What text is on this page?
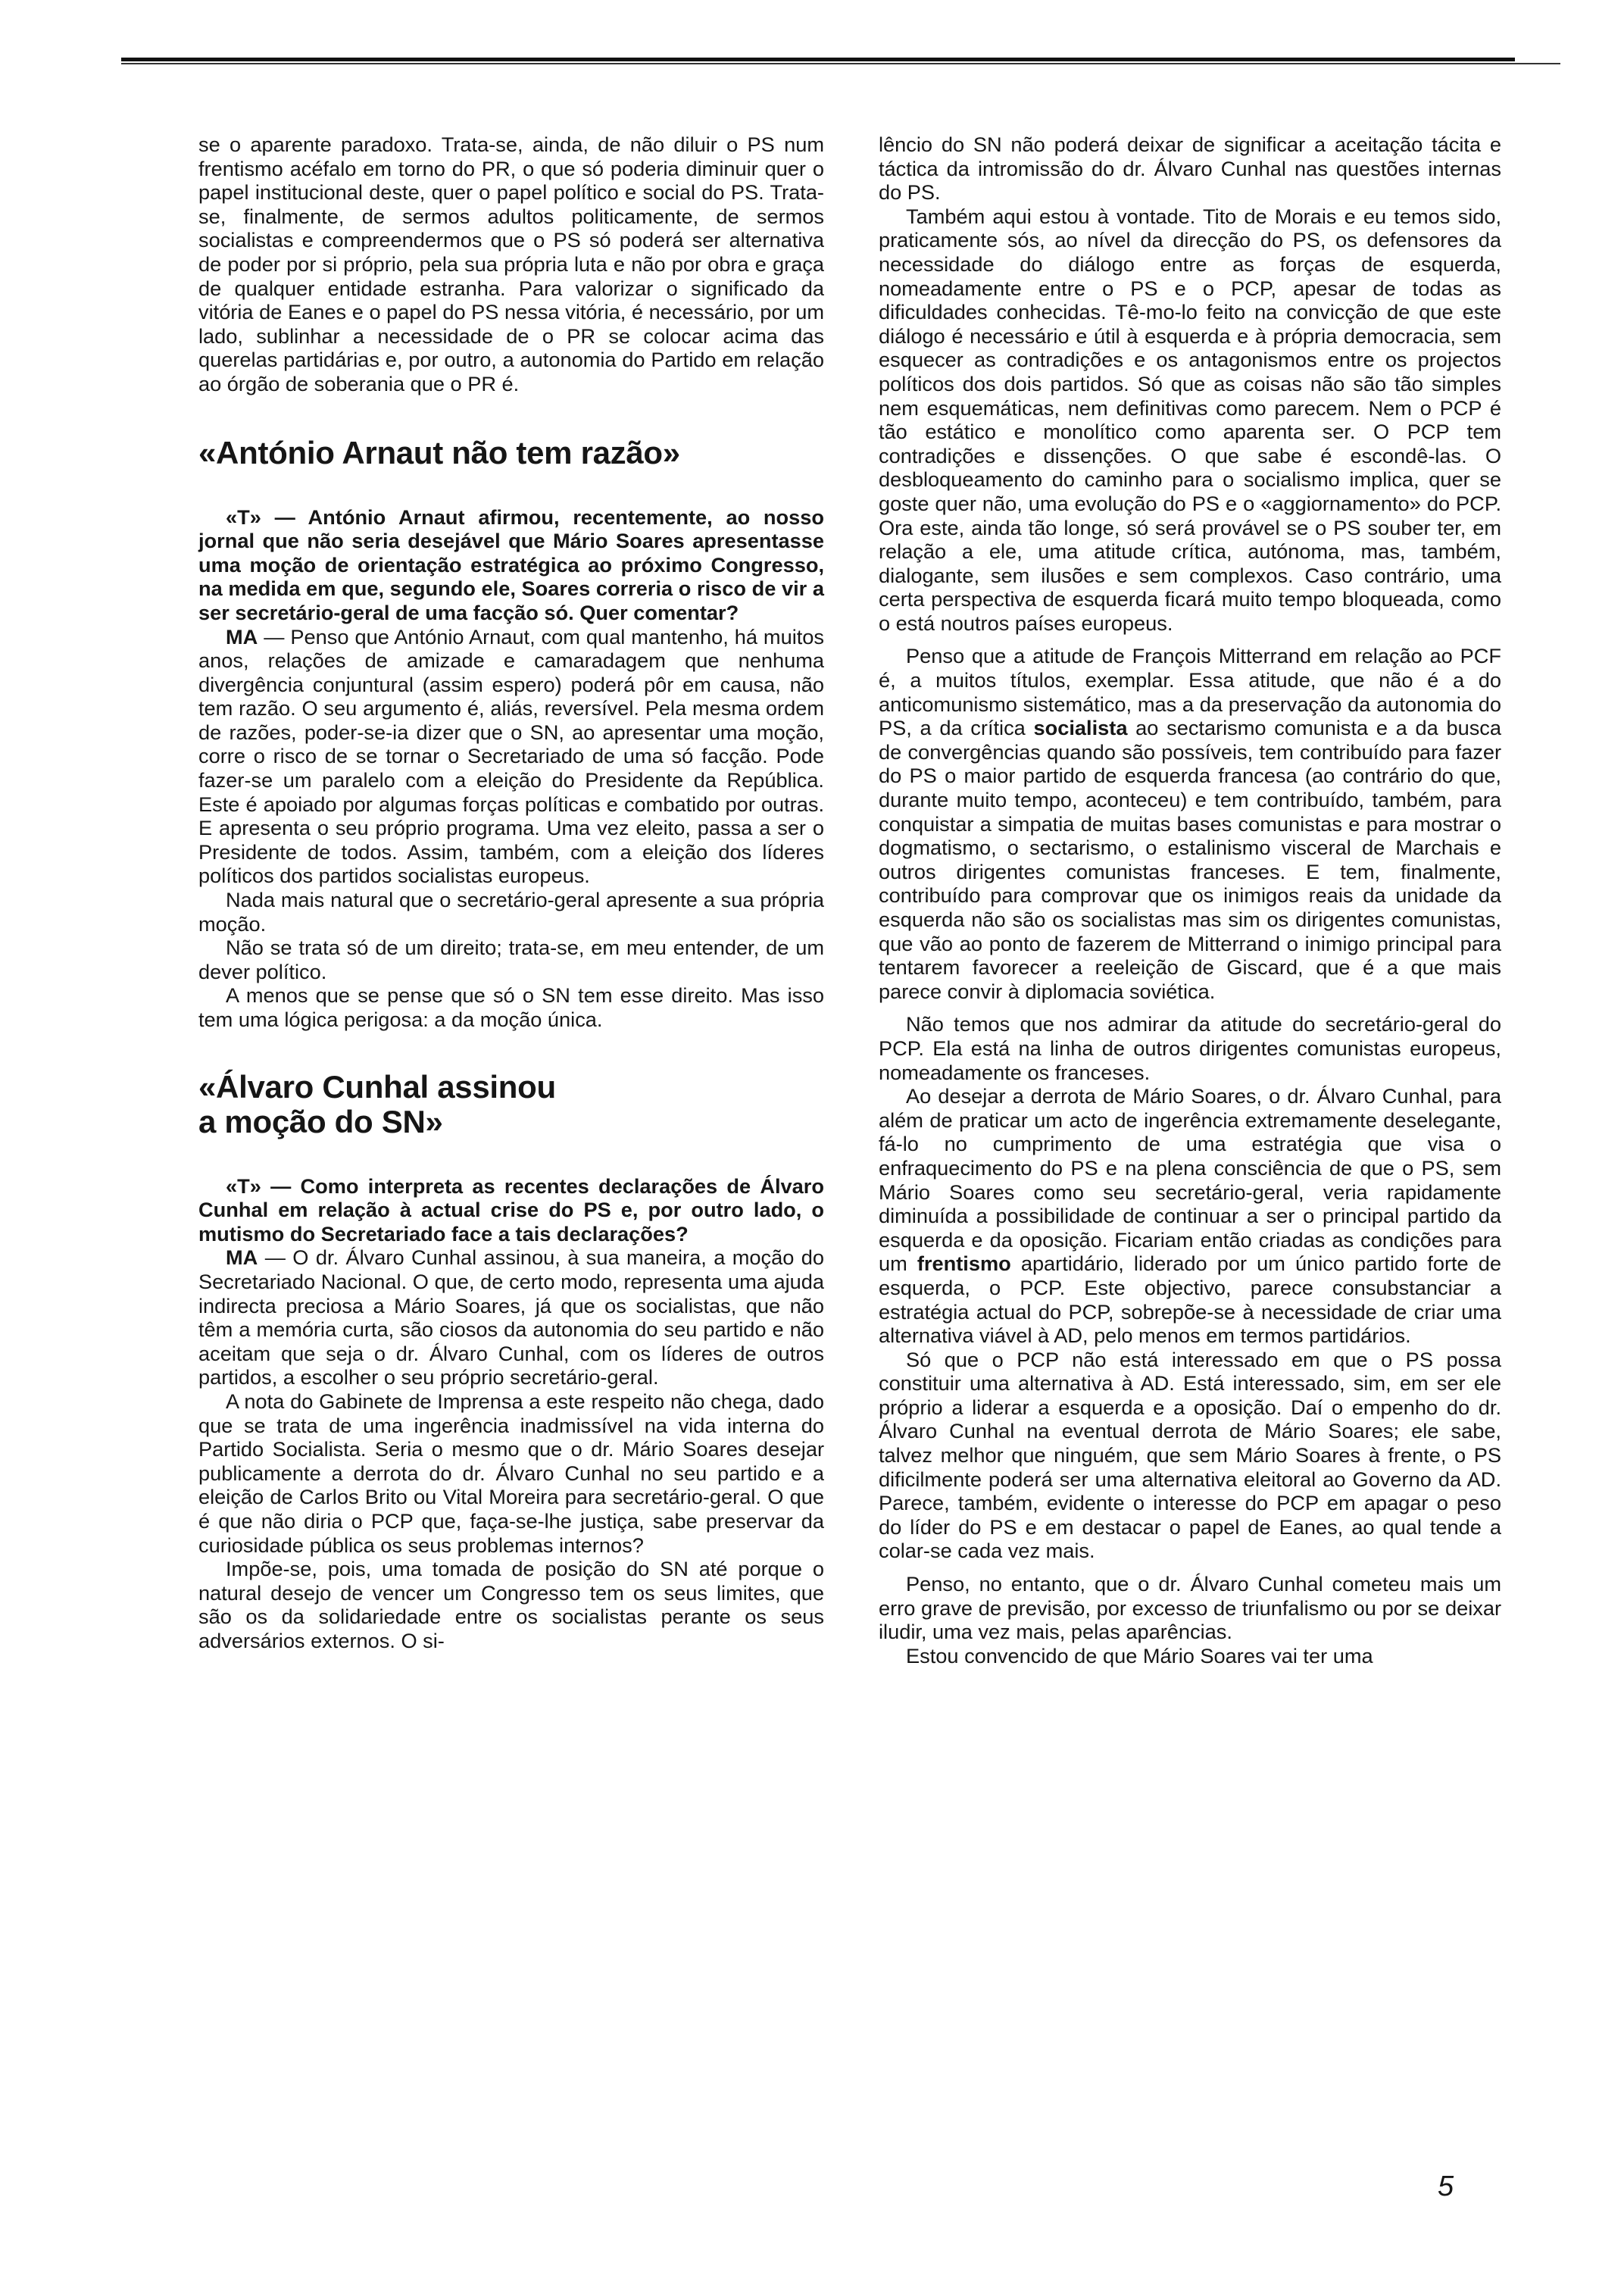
se o aparente paradoxo. Trata-se, ainda, de não diluir o PS num frentismo acéfalo em torno do PR, o que só poderia diminuir quer o papel institucional deste, quer o papel político e social do PS. Trata-se, finalmente, de sermos adultos politicamente, de sermos socialistas e compreendermos que o PS só poderá ser alternativa de poder por si próprio, pela sua própria luta e não por obra e graça de qualquer entidade estranha. Para valorizar o significado da vitória de Eanes e o papel do PS nessa vitória, é necessário, por um lado, sublinhar a necessidade de o PR se colocar acima das querelas partidárias e, por outro, a autonomia do Partido em relação ao órgão de soberania que o PR é.

«António Arnaut não tem razão»

«T» — António Arnaut afirmou, recentemente, ao nosso jornal que não seria desejável que Mário Soares apresentasse uma moção de orientação estratégica ao próximo Congresso, na medida em que, segundo ele, Soares correria o risco de vir a ser secretário-geral de uma facção só. Quer comentar?

MA — Penso que António Arnaut, com qual mantenho, há muitos anos, relações de amizade e camaradagem que nenhuma divergência conjuntural (assim espero) poderá pôr em causa, não tem razão. O seu argumento é, aliás, reversível. Pela mesma ordem de razões, poder-se-ia dizer que o SN, ao apresentar uma moção, corre o risco de se tornar o Secretariado de uma só facção. Pode fazer-se um paralelo com a eleição do Presidente da República. Este é apoiado por algumas forças políticas e combatido por outras. E apresenta o seu próprio programa. Uma vez eleito, passa a ser o Presidente de todos. Assim, também, com a eleição dos líderes políticos dos partidos socialistas europeus.

Nada mais natural que o secretário-geral apresente a sua própria moção.

Não se trata só de um direito; trata-se, em meu entender, de um dever político.

A menos que se pense que só o SN tem esse direito. Mas isso tem uma lógica perigosa: a da moção única.

«Álvaro Cunhal assinou
a moção do SN»

«T» — Como interpreta as recentes declarações de Álvaro Cunhal em relação à actual crise do PS e, por outro lado, o mutismo do Secretariado face a tais declarações?

MA — O dr. Álvaro Cunhal assinou, à sua maneira, a moção do Secretariado Nacional. O que, de certo modo, representa uma ajuda indirecta preciosa a Mário Soares, já que os socialistas, que não têm a memória curta, são ciosos da autonomia do seu partido e não aceitam que seja o dr. Álvaro Cunhal, com os líderes de outros partidos, a escolher o seu próprio secretário-geral.

A nota do Gabinete de Imprensa a este respeito não chega, dado que se trata de uma ingerência inadmissível na vida interna do Partido Socialista. Seria o mesmo que o dr. Mário Soares desejar publicamente a derrota do dr. Álvaro Cunhal no seu partido e a eleição de Carlos Brito ou Vital Moreira para secretário-geral. O que é que não diria o PCP que, faça-se-lhe justiça, sabe preservar da curiosidade pública os seus problemas internos?

Impõe-se, pois, uma tomada de posição do SN até porque o natural desejo de vencer um Congresso tem os seus limites, que são os da solidariedade entre os socialistas perante os seus adversários externos. O si-

lêncio do SN não poderá deixar de significar a aceitação tácita e táctica da intromissão do dr. Álvaro Cunhal nas questões internas do PS.

Também aqui estou à vontade. Tito de Morais e eu temos sido, praticamente sós, ao nível da direcção do PS, os defensores da necessidade do diálogo entre as forças de esquerda, nomeadamente entre o PS e o PCP, apesar de todas as dificuldades conhecidas. Tê-mo-lo feito na convicção de que este diálogo é necessário e útil à esquerda e à própria democracia, sem esquecer as contradições e os antagonismos entre os projectos políticos dos dois partidos. Só que as coisas não são tão simples nem esquemáticas, nem definitivas como parecem. Nem o PCP é tão estático e monolítico como aparenta ser. O PCP tem contradições e dissenções. O que sabe é escondê-las. O desbloqueamento do caminho para o socialismo implica, quer se goste quer não, uma evolução do PS e o «aggiornamento» do PCP. Ora este, ainda tão longe, só será provável se o PS souber ter, em relação a ele, uma atitude crítica, autónoma, mas, também, dialogante, sem ilusões e sem complexos. Caso contrário, uma certa perspectiva de esquerda ficará muito tempo bloqueada, como o está noutros países europeus.

Penso que a atitude de François Mitterrand em relação ao PCF é, a muitos títulos, exemplar. Essa atitude, que não é a do anticomunismo sistemático, mas a da preservação da autonomia do PS, a da crítica socialista ao sectarismo comunista e a da busca de convergências quando são possíveis, tem contribuído para fazer do PS o maior partido de esquerda francesa (ao contrário do que, durante muito tempo, aconteceu) e tem contribuído, também, para conquistar a simpatia de muitas bases comunistas e para mostrar o dogmatismo, o sectarismo, o estalinismo visceral de Marchais e outros dirigentes comunistas franceses. E tem, finalmente, contribuído para comprovar que os inimigos reais da unidade da esquerda não são os socialistas mas sim os dirigentes comunistas, que vão ao ponto de fazerem de Mitterrand o inimigo principal para tentarem favorecer a reeleição de Giscard, que é a que mais parece convir à diplomacia soviética.

Não temos que nos admirar da atitude do secretário-geral do PCP. Ela está na linha de outros dirigentes comunistas europeus, nomeadamente os franceses.

Ao desejar a derrota de Mário Soares, o dr. Álvaro Cunhal, para além de praticar um acto de ingerência extremamente deselegante, fá-lo no cumprimento de uma estratégia que visa o enfraquecimento do PS e na plena consciência de que o PS, sem Mário Soares como seu secretário-geral, veria rapidamente diminuída a possibilidade de continuar a ser o principal partido da esquerda e da oposição. Ficariam então criadas as condições para um frentismo apartidário, liderado por um único partido forte de esquerda, o PCP. Este objectivo, parece consubstanciar a estratégia actual do PCP, sobrepõe-se à necessidade de criar uma alternativa viável à AD, pelo menos em termos partidários.

Só que o PCP não está interessado em que o PS possa constituir uma alternativa à AD. Está interessado, sim, em ser ele próprio a liderar a esquerda e a oposição. Daí o empenho do dr. Álvaro Cunhal na eventual derrota de Mário Soares; ele sabe, talvez melhor que ninguém, que sem Mário Soares à frente, o PS dificilmente poderá ser uma alternativa eleitoral ao Governo da AD. Parece, também, evidente o interesse do PCP em apagar o peso do líder do PS e em destacar o papel de Eanes, ao qual tende a colar-se cada vez mais.

Penso, no entanto, que o dr. Álvaro Cunhal cometeu mais um erro grave de previsão, por excesso de triunfalismo ou por se deixar iludir, uma vez mais, pelas aparências.

Estou convencido de que Mário Soares vai ter uma

5
